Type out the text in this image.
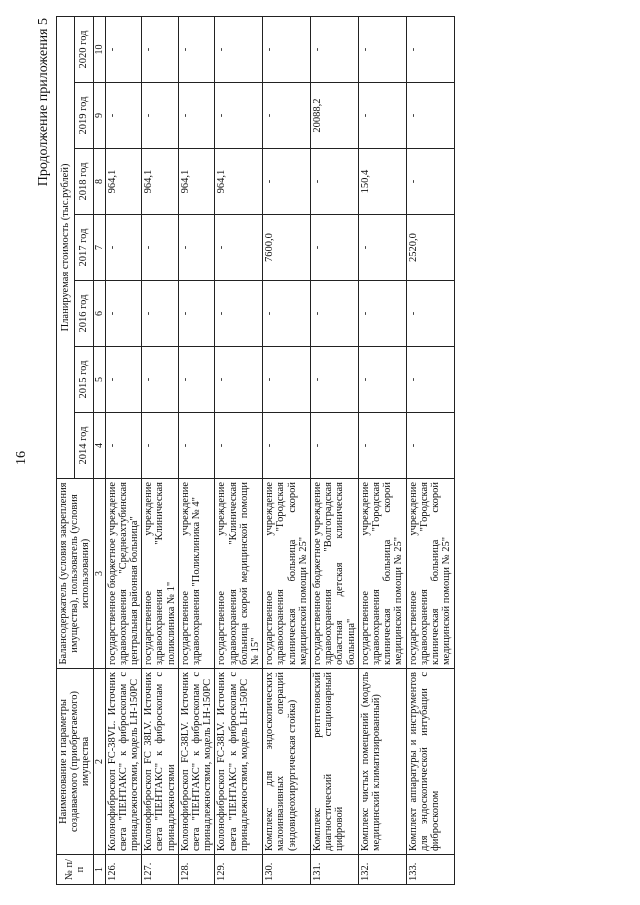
16
Продолжение приложения 5
№ п/п	Наименование и параметры создаваемого (приобретаемого) имущества	Балансодержатель (условия закрепления имущества), пользователь (условия использования)	Планируемая стоимость (тыс.рублей)						
			2014 год	2015 год	2016 год	2017 год	2018 год	2019 год	2020 год
1	2	3	4	5	6	7	8	9	10
126.	Колонофиброскоп FC-38VL. Источник света "ПЕНТАКС" к фиброскопам с принадлежностями, модель LH-150PC	государственное бюджетное учреждение здравоохранения "Среднеахтубинская центральная районная больница"	-	-	-	-	964,1	-	-
127.	Колонофиброскоп FC 38LV. Источник света "ПЕНТАКС" к фиброскопам с принадлежностями	государственное учреждение здравоохранения "Клиническая поликлиника № 1"	-	-	-	-	964,1	-	-
128.	Колонофиброскоп FC-38LV. Источник света "ПЕНТАКС" к фиброскопам с принадлежностями, модель LH-150PC	государственное учреждение здравоохранения "Поликлиника № 4"	-	-	-	-	964,1	-	-
129.	Колонофиброскоп FC-38LV. Источник света "ПЕНТАКС" к фиброскопам с принадлежностями, модель LH-150PC	государственное учреждение здравоохранения "Клиническая больница скорой медицинской помощи № 15"	-	-	-	-	964,1	-	-
130.	Комплекс для эндоскопических малоинвазивных операций (эндовидеохирургическая стойка)	государственное учреждение здравоохранения "Городская клиническая больница скорой медицинской помощи № 25"	-	-	-	7600,0	-	-	-
131.	Комплекс рентгеновский диагностический стационарный цифровой	государственное бюджетное учреждение здравоохранения "Волгоградская областная детская клиническая больница"	-	-	-	-	-	20088,2	-
132.	Комплекс чистых помещений (модуль медицинский климатизированный)	государственное учреждение здравоохранения "Городская клиническая больница скорой медицинской помощи № 25"	-	-	-	-	150,4	-	-
133.	Комплект аппаратуры и инструментов для эндоскопической интубации с фиброскопом	государственное учреждение здравоохранения "Городская клиническая больница скорой медицинской помощи № 25"	-	-	-	2520,0	-	-	-
